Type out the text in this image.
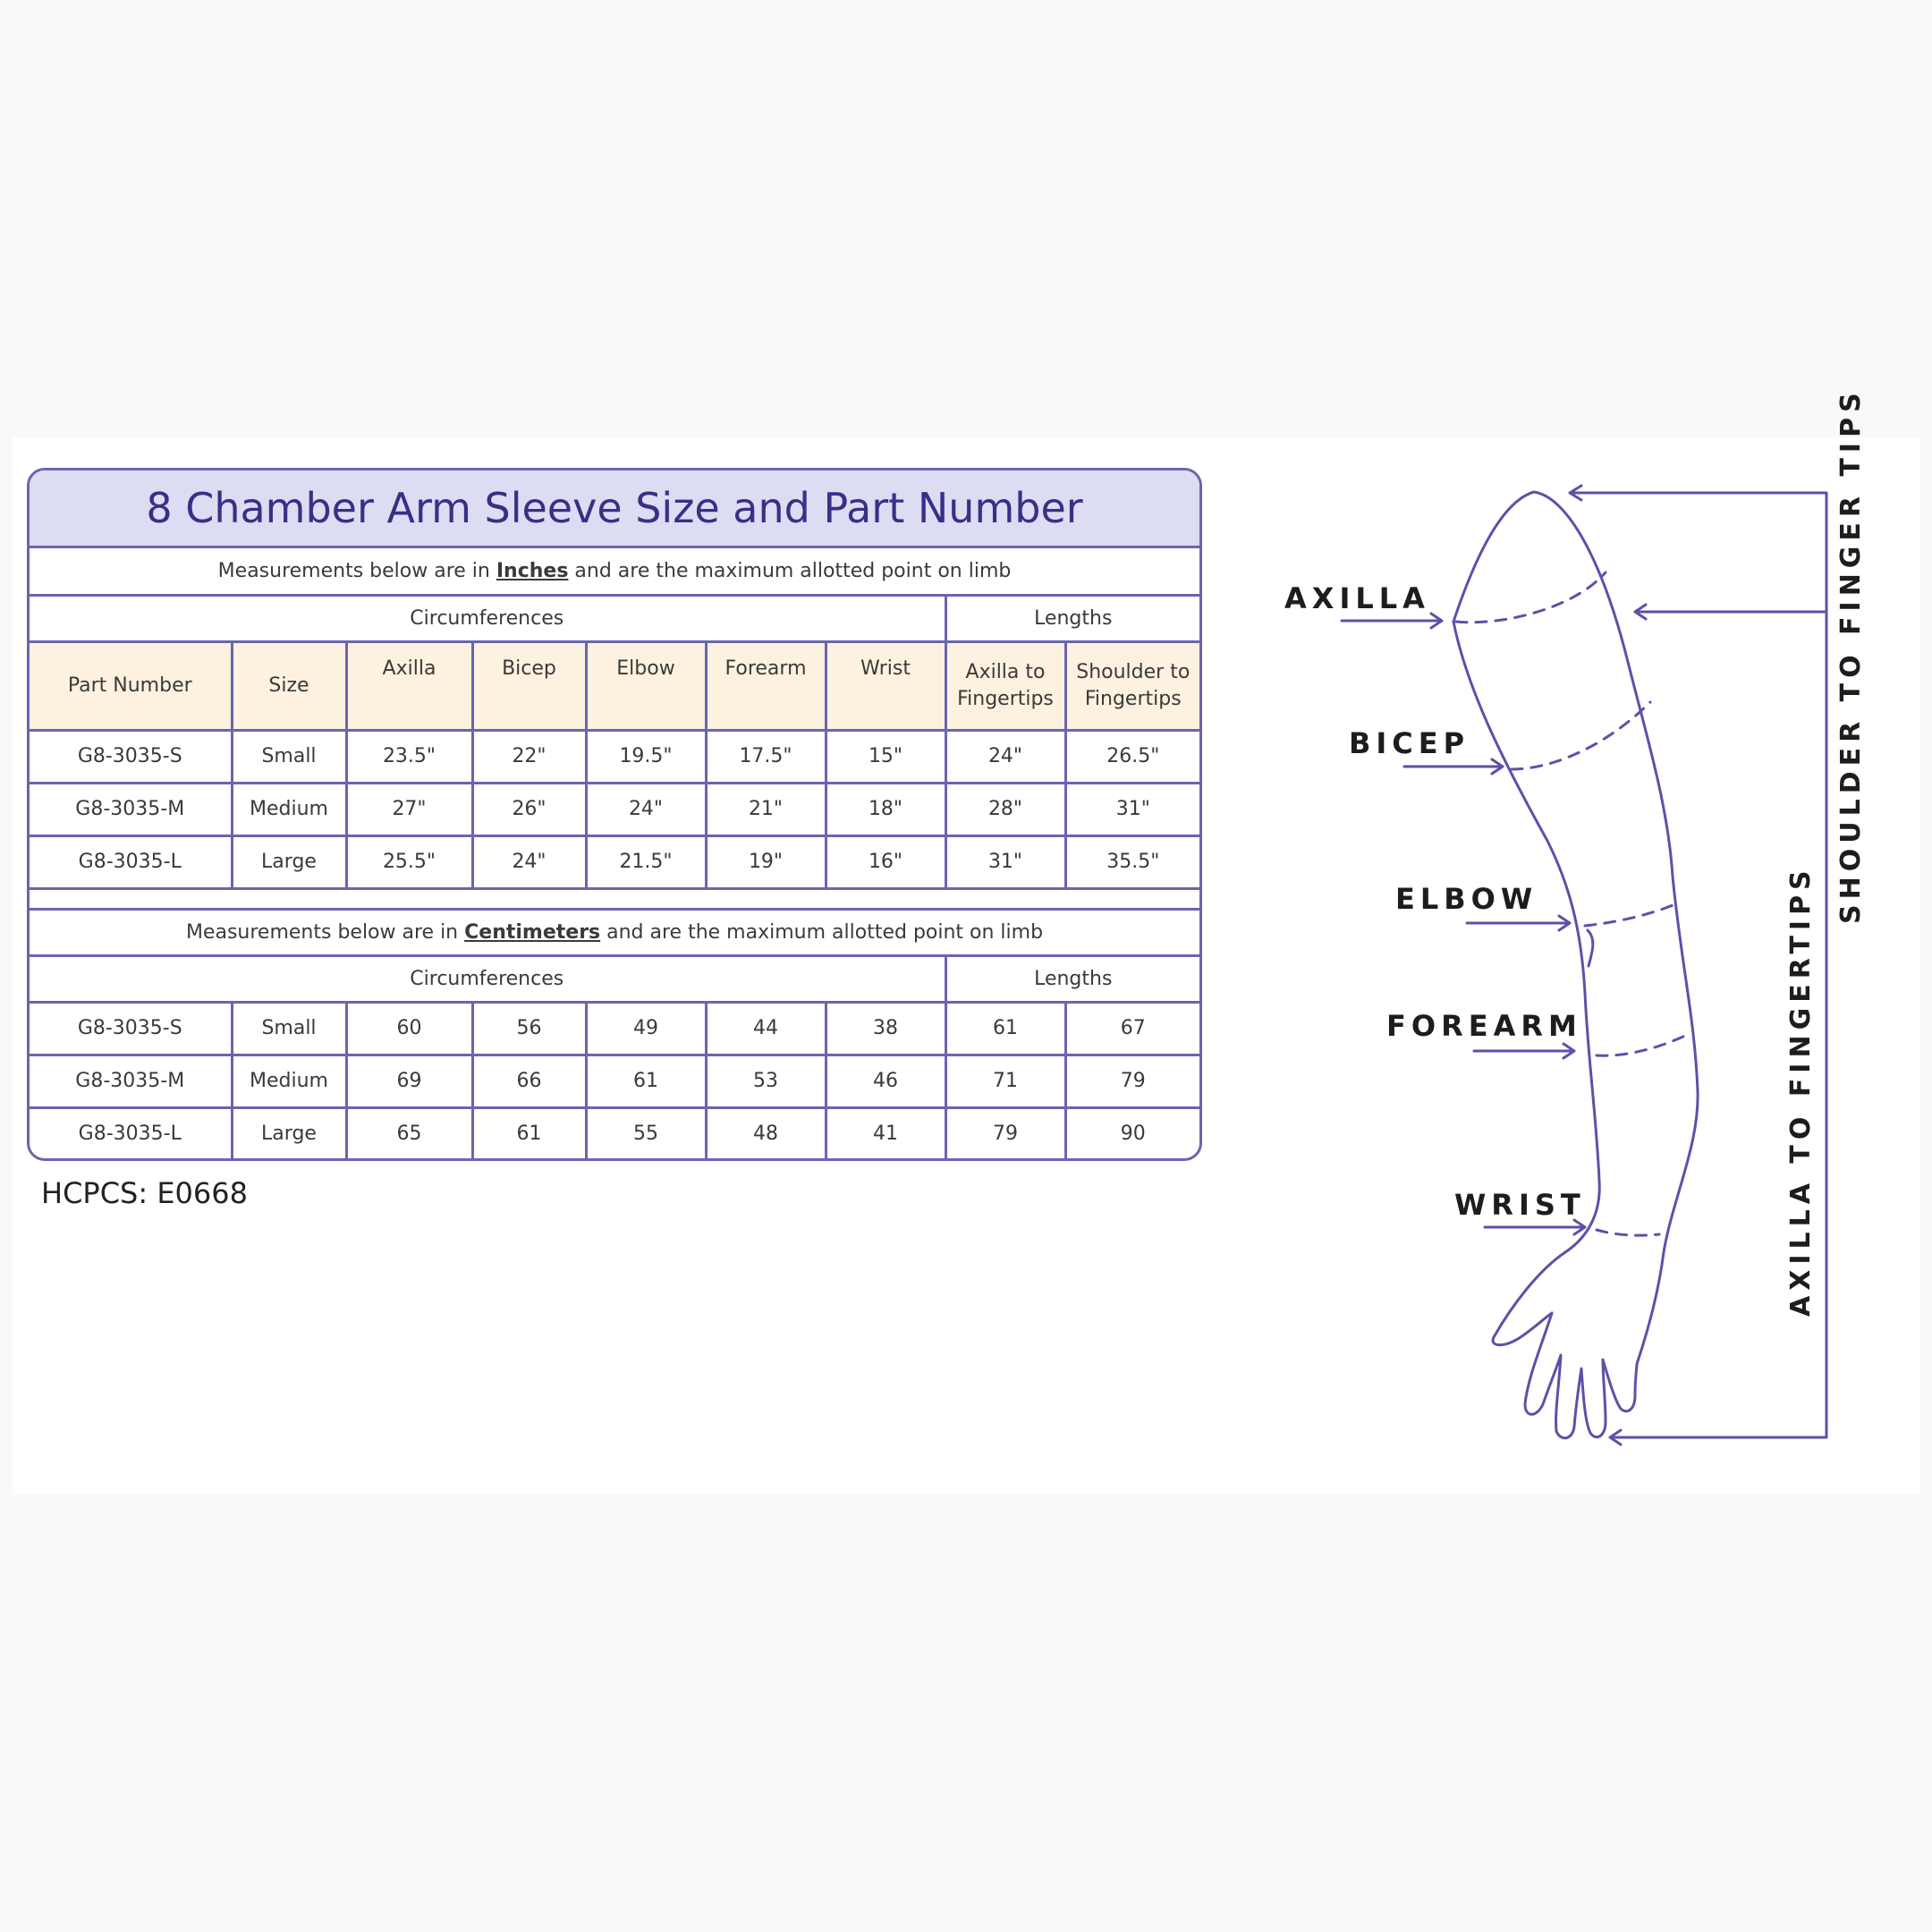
8 Chamber Arm Sleeve Size and Part Number
Measurements below are in Inches and are the maximum allotted point on limb								
Circumferences							Lengths	
Part Number	Size	Axilla	Bicep	Elbow	Forearm	Wrist	Axilla to Fingertips	Shoulder to Fingertips
G8-3035-S	Small	23.5"	22"	19.5"	17.5"	15"	24"	26.5"
G8-3035-M	Medium	27"	26"	24"	21"	18"	28"	31"
G8-3035-L	Large	25.5"	24"	21.5"	19"	16"	31"	35.5"

Measurements below are in Centimeters and are the maximum allotted point on limb								
Circumferences							Lengths	
G8-3035-S	Small	60	56	49	44	38	61	67
G8-3035-M	Medium	69	66	61	53	46	71	79
G8-3035-L	Large	65	61	55	48	41	79	90
HCPCS: E0668
AXILLA
BICEP
ELBOW
FOREARM
WRIST	AXILLA TO FINGERTIPS
SHOULDER TO FINGER TIPS
